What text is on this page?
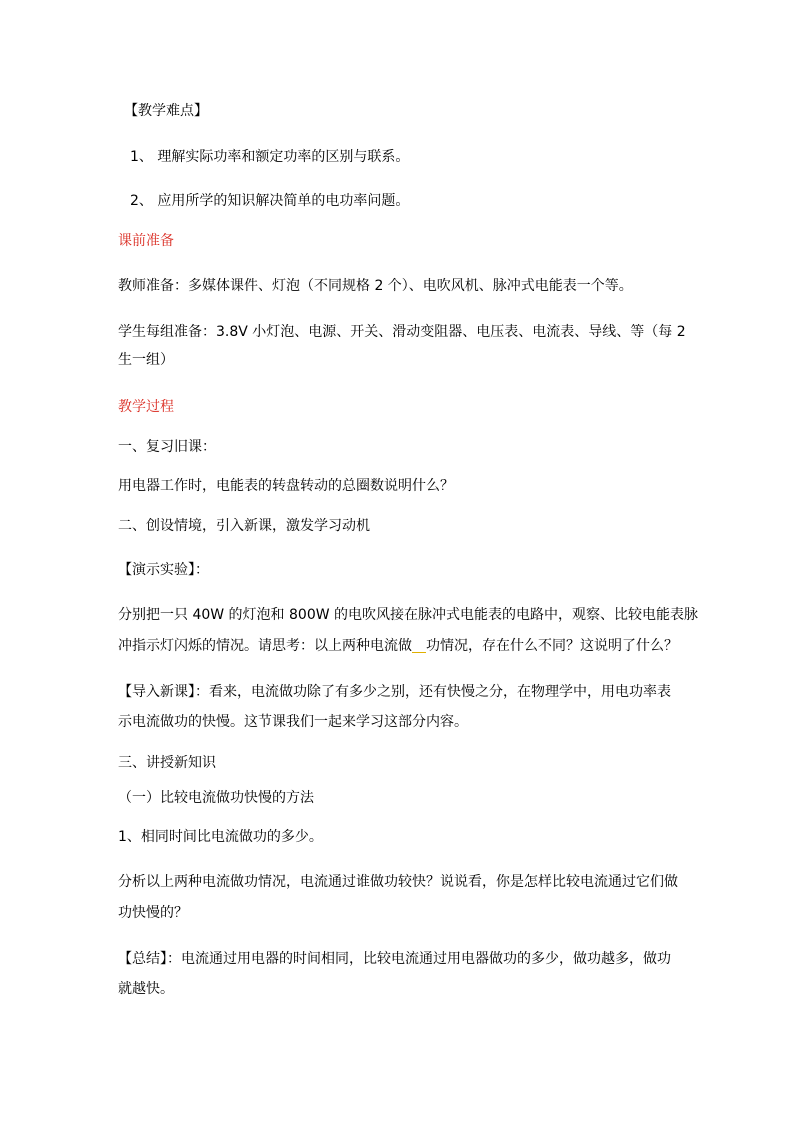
【教学难点】
1、 理解实际功率和额定功率的区别与联系。
2、 应用所学的知识解决简单的电功率问题。
课前准备
教师准备：多媒体课件、灯泡（不同规格 2 个）、电吹风机、脉冲式电能表一个等。
学生每组准备：3.8V 小灯泡、电源、开关、滑动变阻器、电压表、电流表、导线、等（每 2
生一组）
教学过程
一、复习旧课：
用电器工作时，电能表的转盘转动的总圈数说明什么？
二、创设情境，引入新课，激发学习动机
【演示实验】：
分别把一只 40W 的灯泡和 800W 的电吹风接在脉冲式电能表的电路中，观察、比较电能表脉
冲指示灯闪烁的情况。请思考：以上两种电流做 功情况，存在什么不同？这说明了什么？
【导入新课】：看来，电流做功除了有多少之别，还有快慢之分，在物理学中，用电功率表
示电流做功的快慢。这节课我们一起来学习这部分内容。
三、讲授新知识
（一）比较电流做功快慢的方法
1、相同时间比电流做功的多少。
分析以上两种电流做功情况，电流通过谁做功较快？说说看，你是怎样比较电流通过它们做
功快慢的？
【总结】：电流通过用电器的时间相同，比较电流通过用电器做功的多少，做功越多，做功
就越快。
